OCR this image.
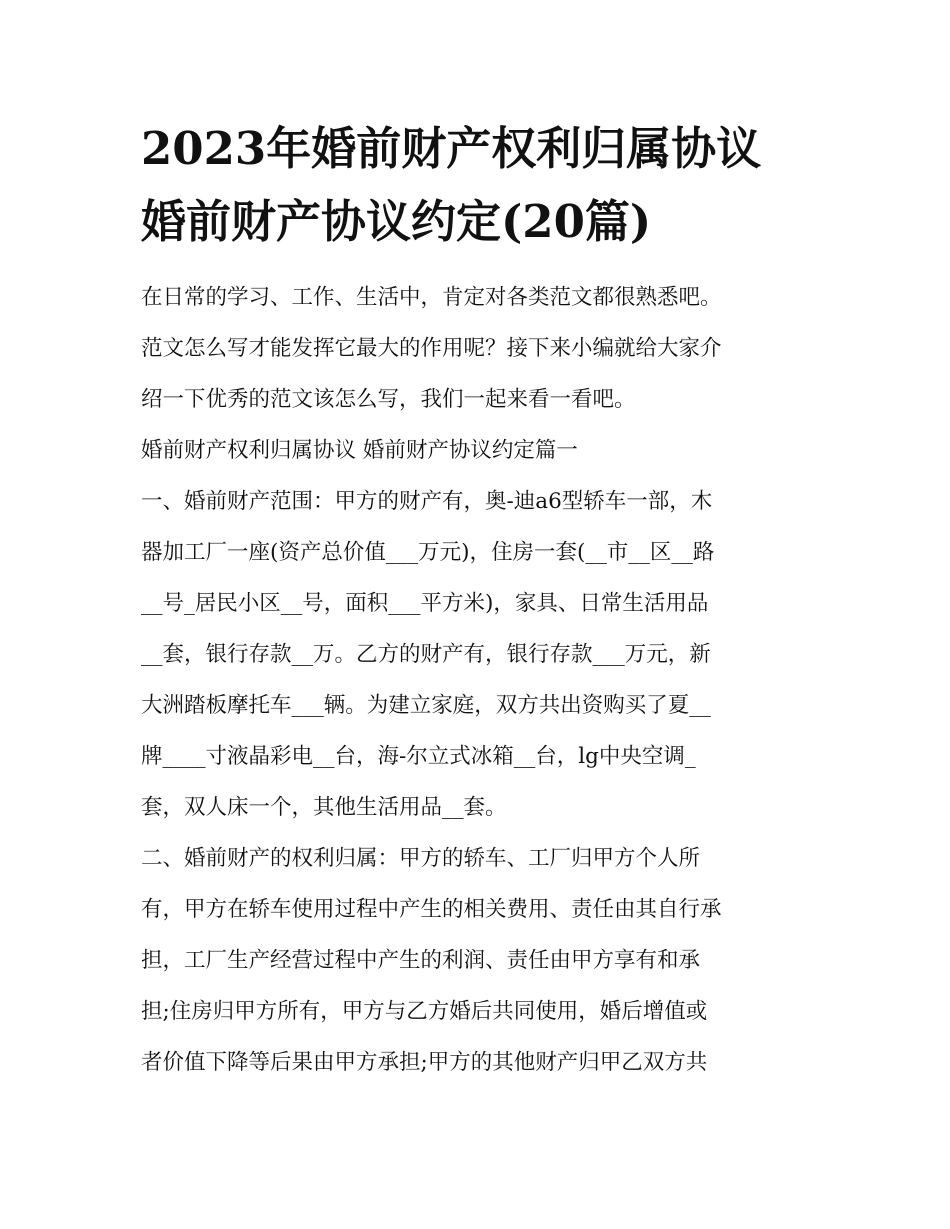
2023年婚前财产权利归属协议
婚前财产协议约定(20篇)

在日常的学习、工作、生活中，肯定对各类范文都很熟悉吧。
范文怎么写才能发挥它最大的作用呢？接下来小编就给大家介
绍一下优秀的范文该怎么写，我们一起来看一看吧。

婚前财产权利归属协议 婚前财产协议约定篇一

一、婚前财产范围：甲方的财产有，奥-迪a6型轿车一部，木
器加工厂一座(资产总价值___万元)，住房一套(__市__区__路
__号_居民小区__号，面积___平方米)，家具、日常生活用品
__套，银行存款__万。乙方的财产有，银行存款___万元，新
大洲踏板摩托车___辆。为建立家庭，双方共出资购买了夏__
牌____寸液晶彩电__台，海-尔立式冰箱__台，lg中央空调_
套，双人床一个，其他生活用品__套。

二、婚前财产的权利归属：甲方的轿车、工厂归甲方个人所
有，甲方在轿车使用过程中产生的相关费用、责任由其自行承
担，工厂生产经营过程中产生的利润、责任由甲方享有和承
担;住房归甲方所有，甲方与乙方婚后共同使用，婚后增值或
者价值下降等后果由甲方承担;甲方的其他财产归甲乙双方共
